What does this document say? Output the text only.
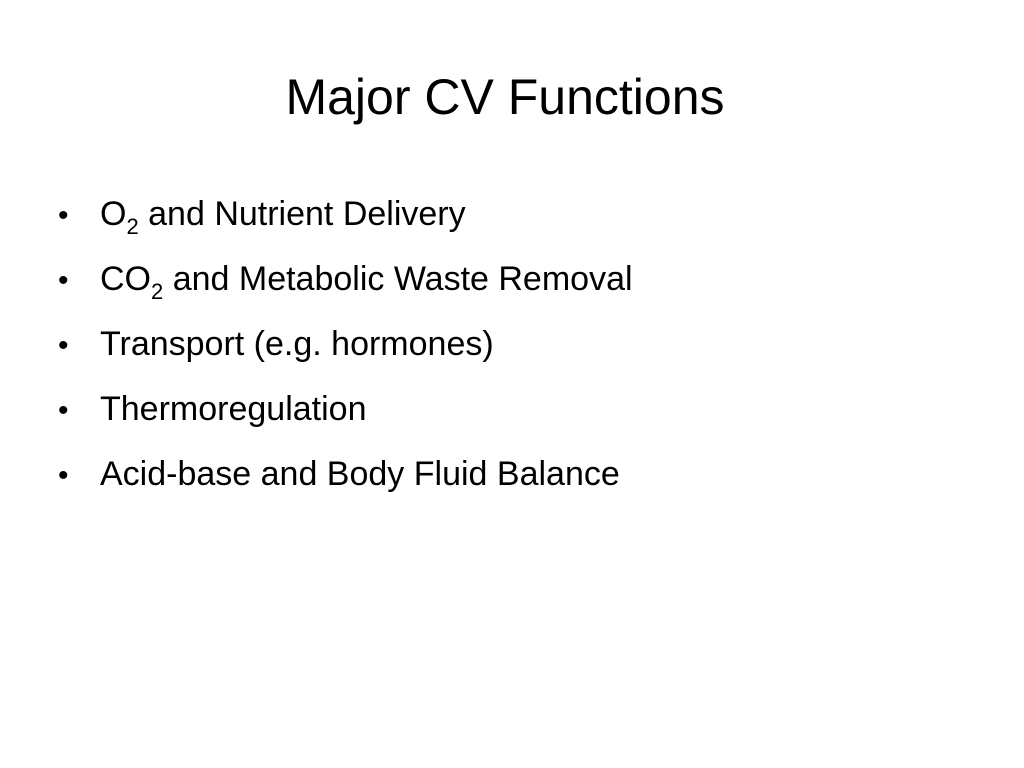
Major CV Functions
• $O_2$ and Nutrient Delivery
• $CO_2$ and Metabolic Waste Removal
• Transport (e.g. hormones)
• Thermoregulation
• Acid-base and Body Fluid Balance
